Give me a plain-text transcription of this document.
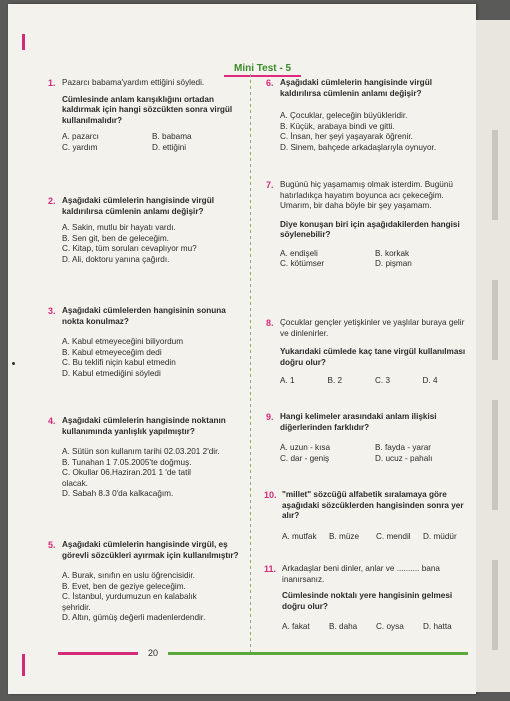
Mini Test - 5
1. Pazarcı babama'yardım ettiğini söyledi.
Cümlesinde anlam karışıklığını ortadan kaldırmak için hangi sözcükten sonra virgül kullanılmalıdır?
A. pazarcı	B. babama
C. yardım	D. ettiğini
2. Aşağıdaki cümlelerin hangisinde virgül kaldırılırsa cümlenin anlamı değişir?
A. Sakin, mutlu bir hayatı vardı.
B. Sen git, ben de geleceğim.
C. Kitap, tüm soruları cevaplıyor mu?
D. Ali, doktoru yanına çağırdı.
3. Aşağıdaki cümlelerden hangisinin sonuna nokta konulmaz?
A. Kabul etmeyeceğini biliyordum
B. Kabul etmeyeceğim dedi
C. Bu teklifi niçin kabul etmedin
D. Kabul etmediğini söyledi
4. Aşağıdaki cümlelerin hangisinde noktanın kullanımında yanlışlık yapılmıştır?
A. Sütün son kullanım tarihi 02.03.201 2'dir.
B. Tunahan 1 7.05.2005'te doğmuş.
C. Okullar 06.Haziran.201 1 'de tatil olacak.
D. Sabah 8.3 0'da kalkacağım.
5. Aşağıdaki cümlelerin hangisinde virgül, eş görevli sözcükleri ayırmak için kullanılmıştır?
A. Burak, sınıfın en uslu öğrencisidir.
B. Evet, ben de geziye geleceğim.
C. İstanbul, yurdumuzun en kalabalık şehridir.
D. Altın, gümüş değerli madenlerdendir.
6. Aşağıdaki cümlelerin hangisinde virgül kaldırılırsa cümlenin anlamı değişir?
A. Çocuklar, geleceğin büyükleridir.
B. Küçük, arabaya bindi ve gitti.
C. İnsan, her şeyi yaşayarak öğrenir.
D. Sinem, bahçede arkadaşlarıyla oynuyor.
7. Bugünü hiç yaşamamış olmak isterdim. Bugünü hatırladıkça hayatım boyunca acı çekeceğim. Umarım, bir daha böyle bir şey yaşamam.
Diye konuşan biri için aşağıdakilerden hangisi söylenebilir?
A. endişeli	B. korkak
C. kötümser	D. pişman
8. Çocuklar gençler yetişkinler ve yaşlılar buraya gelir ve dinlenirler.
Yukarıdaki cümlede kaç tane virgül kullanılması doğru olur?
A. 1	B. 2	C. 3	D. 4
9. Hangi kelimeler arasındaki anlam ilişkisi diğerlerinden farklıdır?
A. uzun - kısa	B. fayda - yarar
C. dar - geniş	D. ucuz - pahalı
10. "millet" sözcüğü alfabetik sıralamaya göre aşağıdaki sözcüklerden hangisinden sonra yer alır?
A. mutfak	B. müze	C. mendil	D. müdür
11. Arkadaşlar beni dinler, anlar ve .......... bana inanırsanız.
Cümlesinde noktalı yere hangisinin gelmesi doğru olur?
A. fakat	B. daha	C. oysa	D. hatta
20
